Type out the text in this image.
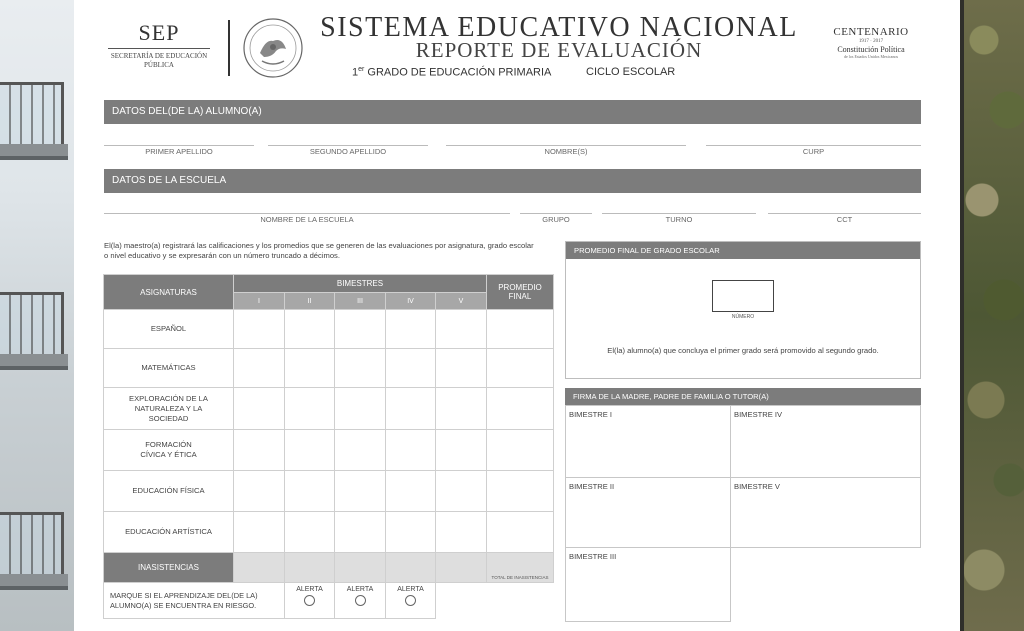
SEP
SECRETARÍA DE EDUCACIÓN PÚBLICA
SISTEMA EDUCATIVO NACIONAL
REPORTE DE EVALUACIÓN
1er GRADO DE EDUCACIÓN PRIMARIA	CICLO ESCOLAR
CENTENARIO
1917 · 2017
Constitución Política
de los Estados Unidos Mexicanos
DATOS DEL(DE LA) ALUMNO(A)
PRIMER APELLIDO	SEGUNDO APELLIDO	NOMBRE(S)	CURP
DATOS DE LA ESCUELA
NOMBRE DE LA ESCUELA	GRUPO	TURNO	CCT
El(la) maestro(a) registrará las calificaciones y los promedios que se generen de las evaluaciones por asignatura, grado escolar o nivel educativo y se expresarán con un número truncado a décimos.
ASIGNATURAS	BIMESTRES					PROMEDIO FINAL
	I	II	III	IV	V	
ESPAÑOL						
MATEMÁTICAS						
EXPLORACIÓN DE LA NATURALEZA Y LA SOCIEDAD						
FORMACIÓN CÍVICA Y ÉTICA						
EDUCACIÓN FÍSICA						
EDUCACIÓN ARTÍSTICA						
INASISTENCIAS						TOTAL DE INASISTENCIAS
MARQUE SI EL APRENDIZAJE DEL(DE LA) ALUMNO(A) SE ENCUENTRA EN RIESGO.		ALERTA	ALERTA	ALERTA		

PROMEDIO FINAL DE GRADO ESCOLAR
NÚMERO
El(la) alumno(a) que concluya el primer grado será promovido al segundo grado.
FIRMA DE LA MADRE, PADRE DE FAMILIA O TUTOR(A)
BIMESTRE I	BIMESTRE IV
BIMESTRE II	BIMESTRE V
BIMESTRE III
